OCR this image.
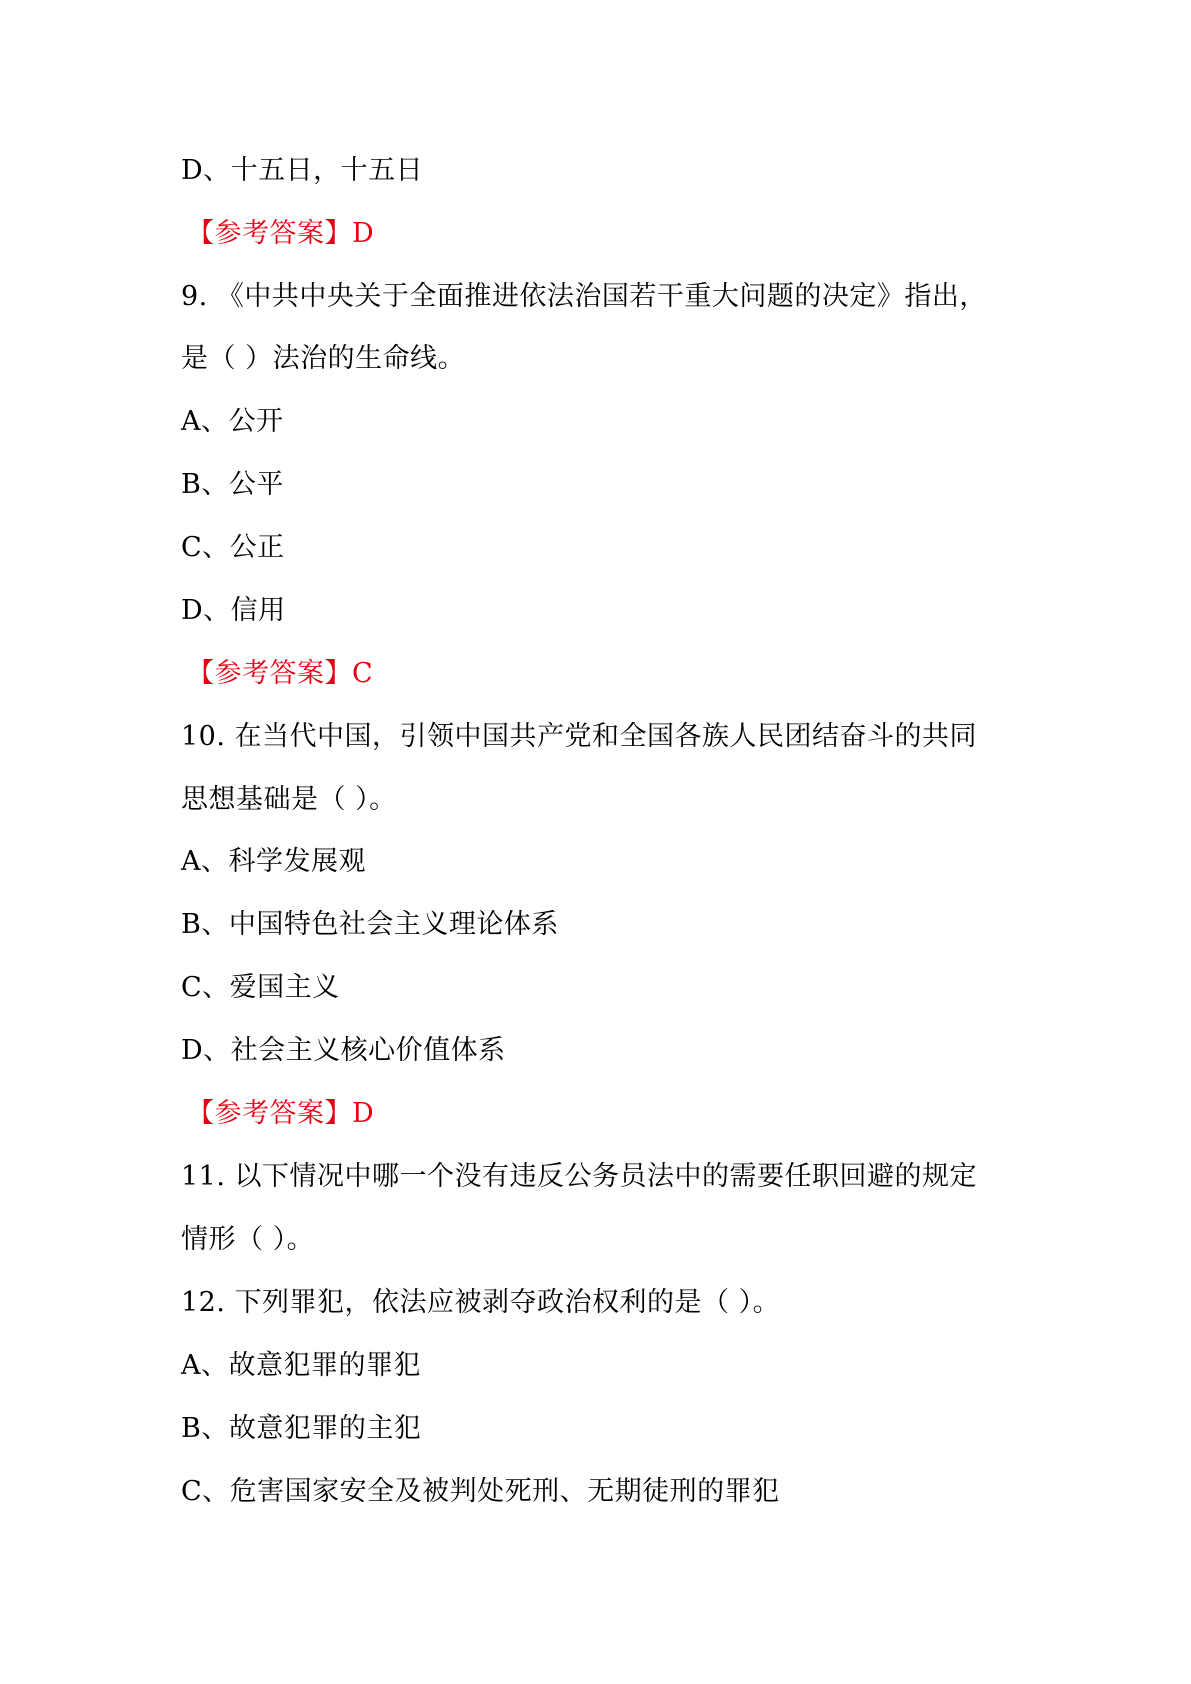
D、十五日，十五日
【参考答案】D
9. 《中共中央关于全面推进依法治国若干重大问题的决定》指出，
是（ ）法治的生命线。
A、公开
B、公平
C、公正
D、信用
【参考答案】C
10. 在当代中国，引领中国共产党和全国各族人民团结奋斗的共同
思想基础是（ ）。
A、科学发展观
B、中国特色社会主义理论体系
C、爱国主义
D、社会主义核心价值体系
【参考答案】D
11. 以下情况中哪一个没有违反公务员法中的需要任职回避的规定
情形（ ）。
12. 下列罪犯，依法应被剥夺政治权利的是（ ）。
A、故意犯罪的罪犯
B、故意犯罪的主犯
C、危害国家安全及被判处死刑、无期徒刑的罪犯
